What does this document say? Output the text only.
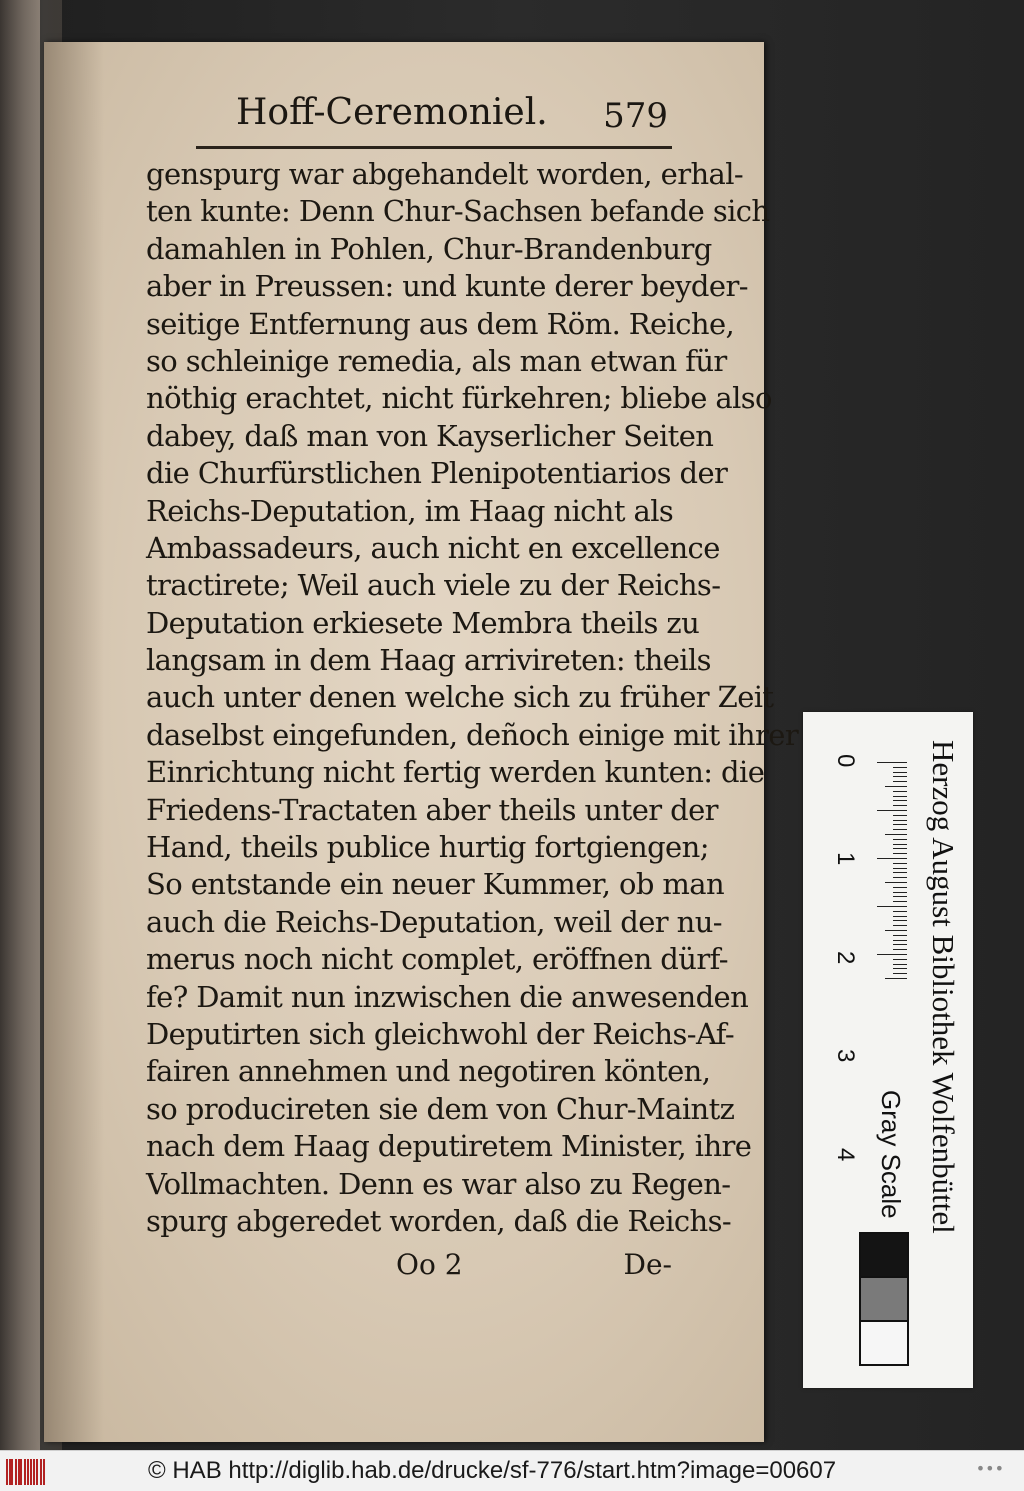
Hoff-Ceremoniel. 579
genspurg war abgehandelt worden, erhal-
ten kunte: Denn Chur-Sachsen befande sich
damahlen in Pohlen, Chur-Brandenburg
aber in Preussen: und kunte derer beyder-
seitige Entfernung aus dem Röm. Reiche,
so schleinige remedia, als man etwan für
nöthig erachtet, nicht fürkehren; bliebe also
dabey, daß man von Kayserlicher Seiten
die Churfürstlichen Plenipotentiarios der
Reichs-Deputation, im Haag nicht als
Ambassadeurs, auch nicht en excellence
tractirete; Weil auch viele zu der Reichs-
Deputation erkiesete Membra theils zu
langsam in dem Haag arrivireten: theils
auch unter denen welche sich zu früher Zeit
daselbst eingefunden, deñoch einige mit ihrer
Einrichtung nicht fertig werden kunten: die
Friedens-Tractaten aber theils unter der
Hand, theils publice hurtig fortgiengen;
So entstande ein neuer Kummer, ob man
auch die Reichs-Deputation, weil der nu-
merus noch nicht complet, eröffnen dürf-
fe? Damit nun inzwischen die anwesenden
Deputirten sich gleichwohl der Reichs-Af-
fairen annehmen und negotiren könten,
so producireten sie dem von Chur-Maintz
nach dem Haag deputiretem Minister, ihre
Vollmachten. Denn es war also zu Regen-
spurg abgeredet worden, daß die Reichs-
Oo 2	De-
Herzog August Bibliothek Wolfenbüttel
0
1
2
3
4 Gray Scale
© HAB http://diglib.hab.de/drucke/sf-776/start.htm?image=00607	•••
